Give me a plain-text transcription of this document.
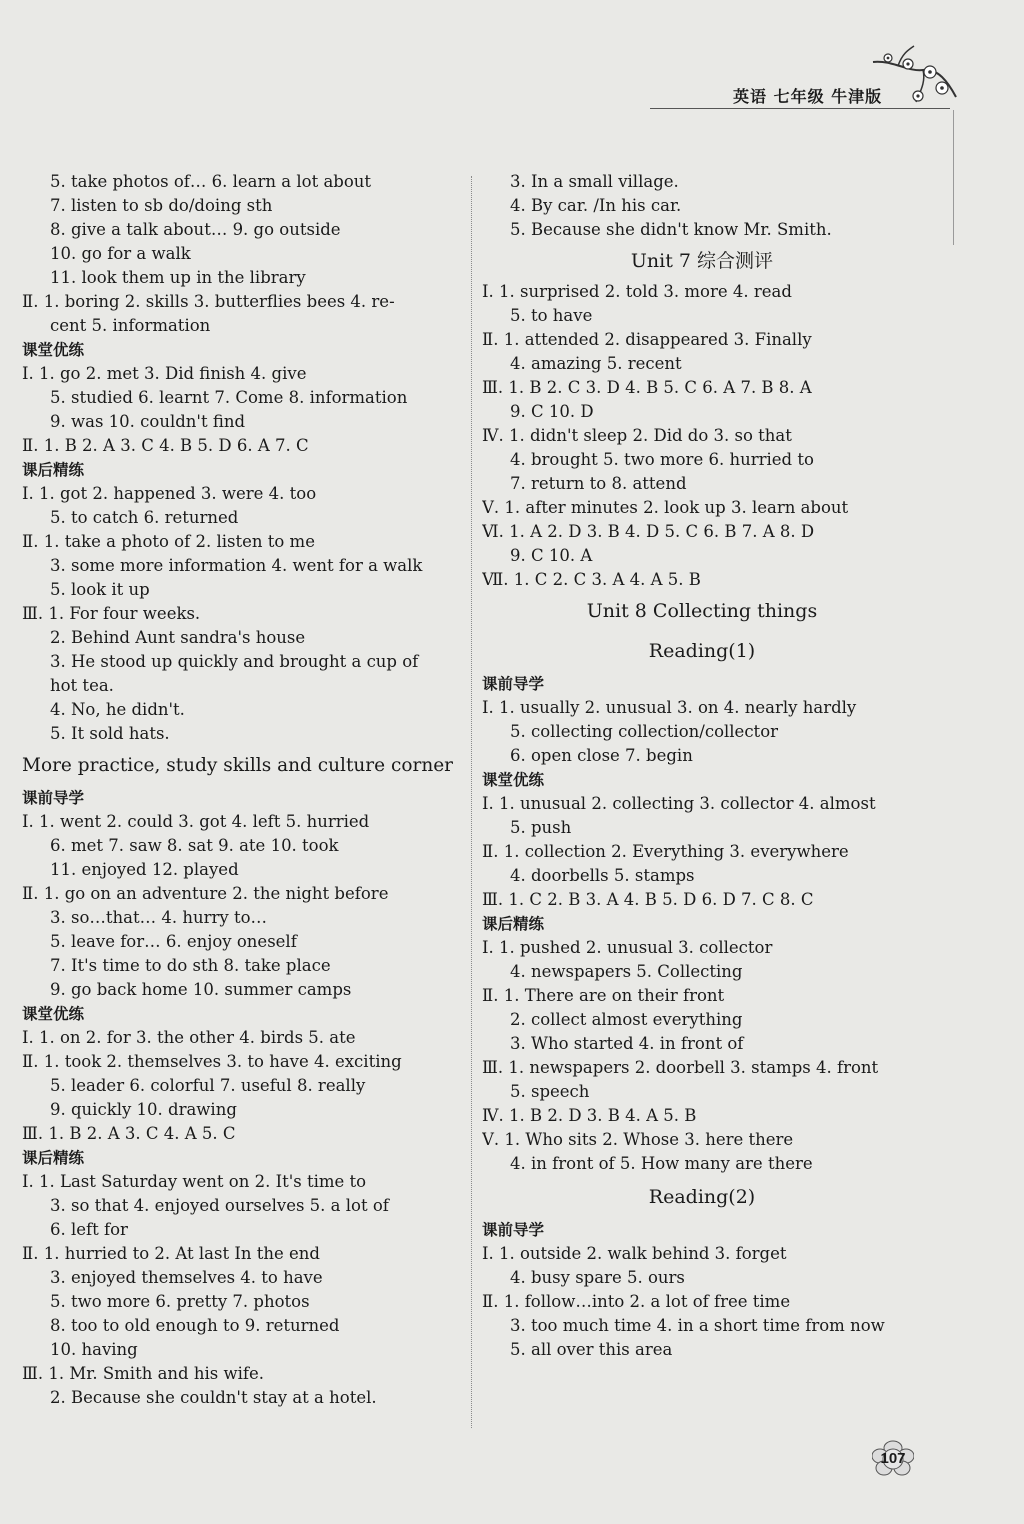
英语 七年级 牛津版
5. take photos of… 6. learn a lot about
7. listen to sb do/doing sth
8. give a talk about… 9. go outside
10. go for a walk
11. look them up in the library
Ⅱ. 1. boring 2. skills 3. butterflies bees 4. re-
cent 5. information
课堂优练
Ⅰ. 1. go 2. met 3. Did finish 4. give
5. studied 6. learnt 7. Come 8. information
9. was 10. couldn't find
Ⅱ. 1. B 2. A 3. C 4. B 5. D 6. A 7. C
课后精练
Ⅰ. 1. got 2. happened 3. were 4. too
5. to catch 6. returned
Ⅱ. 1. take a photo of 2. listen to me
3. some more information 4. went for a walk
5. look it up
Ⅲ. 1. For four weeks.
2. Behind Aunt sandra's house
3. He stood up quickly and brought a cup of
hot tea.
4. No, he didn't.
5. It sold hats.
More practice, study skills and culture corner
课前导学
Ⅰ. 1. went 2. could 3. got 4. left 5. hurried
6. met 7. saw 8. sat 9. ate 10. took
11. enjoyed 12. played
Ⅱ. 1. go on an adventure 2. the night before
3. so…that… 4. hurry to…
5. leave for… 6. enjoy oneself
7. It's time to do sth 8. take place
9. go back home 10. summer camps
课堂优练
Ⅰ. 1. on 2. for 3. the other 4. birds 5. ate
Ⅱ. 1. took 2. themselves 3. to have 4. exciting
5. leader 6. colorful 7. useful 8. really
9. quickly 10. drawing
Ⅲ. 1. B 2. A 3. C 4. A 5. C
课后精练
Ⅰ. 1. Last Saturday went on 2. It's time to
3. so that 4. enjoyed ourselves 5. a lot of
6. left for
Ⅱ. 1. hurried to 2. At last In the end
3. enjoyed themselves 4. to have
5. two more 6. pretty 7. photos
8. too to old enough to 9. returned
10. having
Ⅲ. 1. Mr. Smith and his wife.
2. Because she couldn't stay at a hotel.
3. In a small village.
4. By car. /In his car.
5. Because she didn't know Mr. Smith.
Unit 7 综合测评
Ⅰ. 1. surprised 2. told 3. more 4. read
5. to have
Ⅱ. 1. attended 2. disappeared 3. Finally
4. amazing 5. recent
Ⅲ. 1. B 2. C 3. D 4. B 5. C 6. A 7. B 8. A
9. C 10. D
Ⅳ. 1. didn't sleep 2. Did do 3. so that
4. brought 5. two more 6. hurried to
7. return to 8. attend
Ⅴ. 1. after minutes 2. look up 3. learn about
Ⅵ. 1. A 2. D 3. B 4. D 5. C 6. B 7. A 8. D
9. C 10. A
Ⅶ. 1. C 2. C 3. A 4. A 5. B
Unit 8 Collecting things
Reading(1)
课前导学
Ⅰ. 1. usually 2. unusual 3. on 4. nearly hardly
5. collecting collection/collector
6. open close 7. begin
课堂优练
Ⅰ. 1. unusual 2. collecting 3. collector 4. almost
5. push
Ⅱ. 1. collection 2. Everything 3. everywhere
4. doorbells 5. stamps
Ⅲ. 1. C 2. B 3. A 4. B 5. D 6. D 7. C 8. C
课后精练
Ⅰ. 1. pushed 2. unusual 3. collector
4. newspapers 5. Collecting
Ⅱ. 1. There are on their front
2. collect almost everything
3. Who started 4. in front of
Ⅲ. 1. newspapers 2. doorbell 3. stamps 4. front
5. speech
Ⅳ. 1. B 2. D 3. B 4. A 5. B
Ⅴ. 1. Who sits 2. Whose 3. here there
4. in front of 5. How many are there
Reading(2)
课前导学
Ⅰ. 1. outside 2. walk behind 3. forget
4. busy spare 5. ours
Ⅱ. 1. follow…into 2. a lot of free time
3. too much time 4. in a short time from now
5. all over this area
107
